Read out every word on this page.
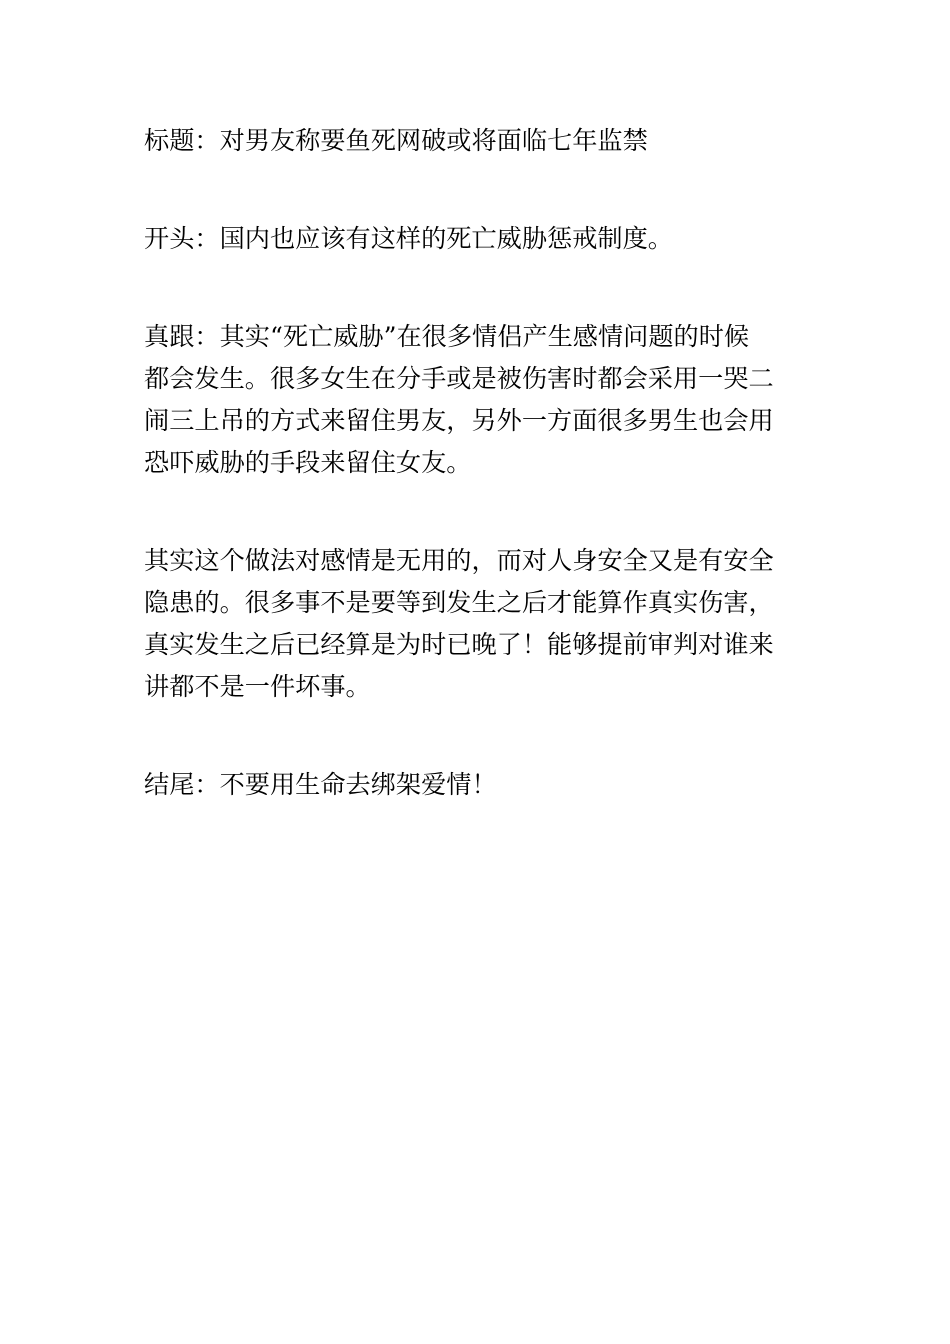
标题：对男友称要鱼死网破或将面临七年监禁

开头：国内也应该有这样的死亡威胁惩戒制度。

真跟：其实“死亡威胁”在很多情侣产生感情问题的时候
都会发生。很多女生在分手或是被伤害时都会采用一哭二
闹三上吊的方式来留住男友，另外一方面很多男生也会用
恐吓威胁的手段来留住女友。

其实这个做法对感情是无用的，而对人身安全又是有安全
隐患的。很多事不是要等到发生之后才能算作真实伤害，
真实发生之后已经算是为时已晚了！能够提前审判对谁来
讲都不是一件坏事。

结尾：不要用生命去绑架爱情！
